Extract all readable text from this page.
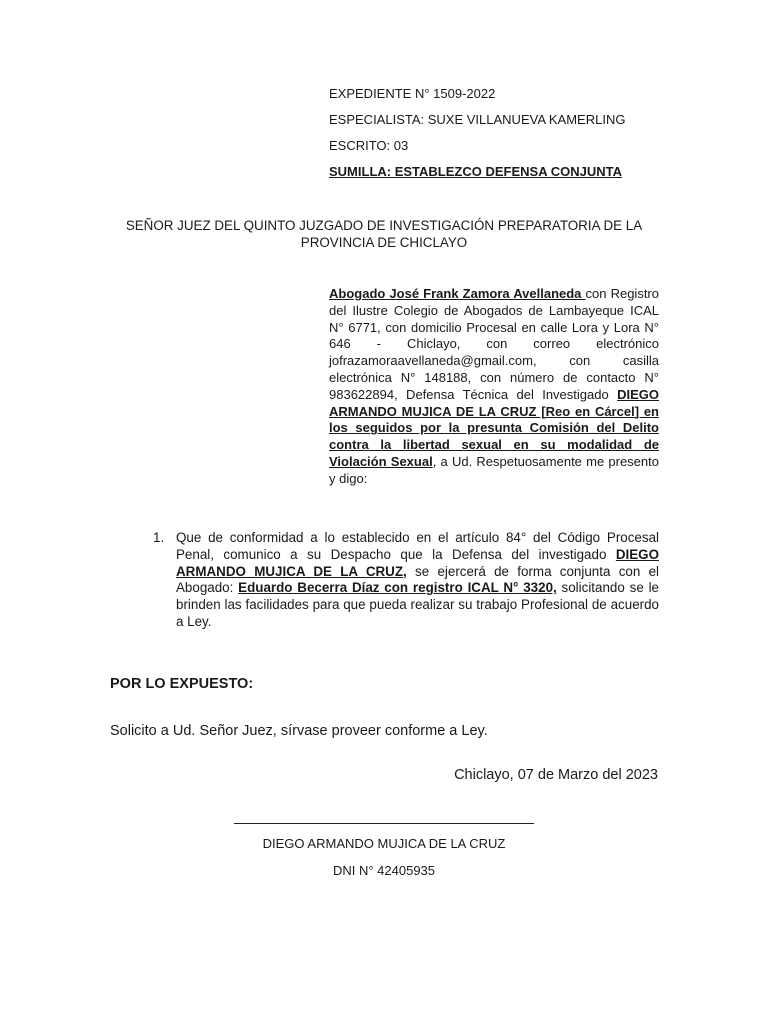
EXPEDIENTE N° 1509-2022
ESPECIALISTA: SUXE VILLANUEVA KAMERLING
ESCRITO: 03
SUMILLA: ESTABLEZCO DEFENSA CONJUNTA
SEÑOR JUEZ DEL QUINTO JUZGADO DE INVESTIGACIÓN PREPARATORIA DE LA PROVINCIA DE CHICLAYO
Abogado José Frank Zamora Avellaneda con Registro del Ilustre Colegio de Abogados de Lambayeque ICAL N° 6771, con domicilio Procesal en calle Lora y Lora N° 646 - Chiclayo, con correo electrónico jofrazamoraavellaneda@gmail.com, con casilla electrónica N° 148188, con número de contacto N° 983622894, Defensa Técnica del Investigado DIEGO ARMANDO MUJICA DE LA CRUZ [Reo en Cárcel] en los seguidos por la presunta Comisión del Delito contra la libertad sexual en su modalidad de Violación Sexual, a Ud. Respetuosamente me presento y digo:
1. Que de conformidad a lo establecido en el artículo 84° del Código Procesal Penal, comunico a su Despacho que la Defensa del investigado DIEGO ARMANDO MUJICA DE LA CRUZ, se ejercerá de forma conjunta con el Abogado: Eduardo Becerra Díaz con registro ICAL N° 3320, solicitando se le brinden las facilidades para que pueda realizar su trabajo Profesional de acuerdo a Ley.
POR LO EXPUESTO:
Solicito a Ud. Señor Juez, sírvase proveer conforme a Ley.
Chiclayo, 07 de Marzo del 2023
DIEGO ARMANDO MUJICA DE LA CRUZ
DNI N° 42405935
